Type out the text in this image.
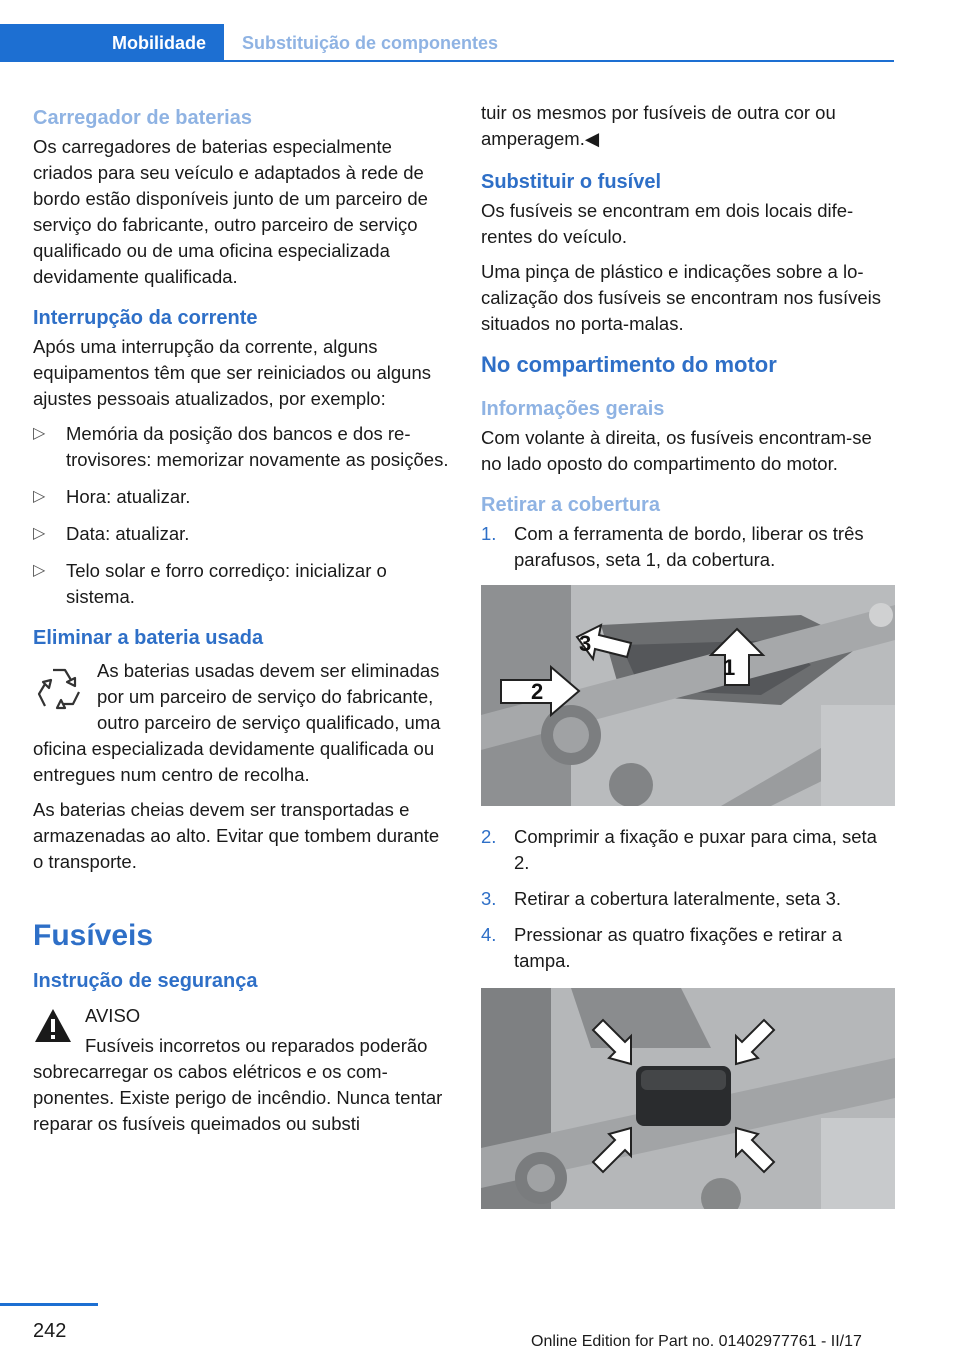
Mobilidade	Substituição de componentes
Carregador de baterias

Os carregadores de baterias especialmente criados para seu veículo e adaptados à rede de bordo estão disponíveis junto de um parceiro de serviço do fabricante, outro parceiro de serviço qualificado ou de uma oficina especializada devidamente qualificada.

Interrupção da corrente

Após uma interrupção da corrente, alguns equipamentos têm que ser reiniciados ou alguns ajustes pessoais atualizados, por exemplo:

▷ Memória da posição dos bancos e dos retrovisores: memorizar novamente as posições.
▷ Hora: atualizar.
▷ Data: atualizar.
▷ Telo solar e forro corrediço: inicializar o sistema.
Eliminar a bateria usada

As baterias usadas devem ser eliminadas por um parceiro de serviço do fabricante, outro parceiro de serviço qualificado, uma oficina especializada devidamente qualificada ou entregues num centro de recolha.

As baterias cheias devem ser transportadas e armazenadas ao alto. Evitar que tombem durante o transporte.

Fusíveis
Instrução de segurança

AVISO

Fusíveis incorretos ou reparados poderão sobrecarregar os cabos elétricos e os componentes. Existe perigo de incêndio. Nunca tentar reparar os fusíveis queimados ou substi

tuir os mesmos por fusíveis de outra cor ou amperagem.◀

Substituir o fusível

Os fusíveis se encontram em dois locais diferentes do veículo.

Uma pinça de plástico e indicações sobre a localização dos fusíveis se encontram nos fusíveis situados no porta-malas.

No compartimento do motor
Informações gerais

Com volante à direita, os fusíveis encontram-se no lado oposto do compartimento do motor.

Retirar a cobertura
1. Com a ferramenta de bordo, liberar os três parafusos, seta 1, da cobertura.
3
1
2
2. Comprimir a fixação e puxar para cima, seta 2.
3. Retirar a cobertura lateralmente, seta 3.
4. Pressionar as quatro fixações e retirar a tampa.
242	Online Edition for Part no. 01402977761 - II/17
